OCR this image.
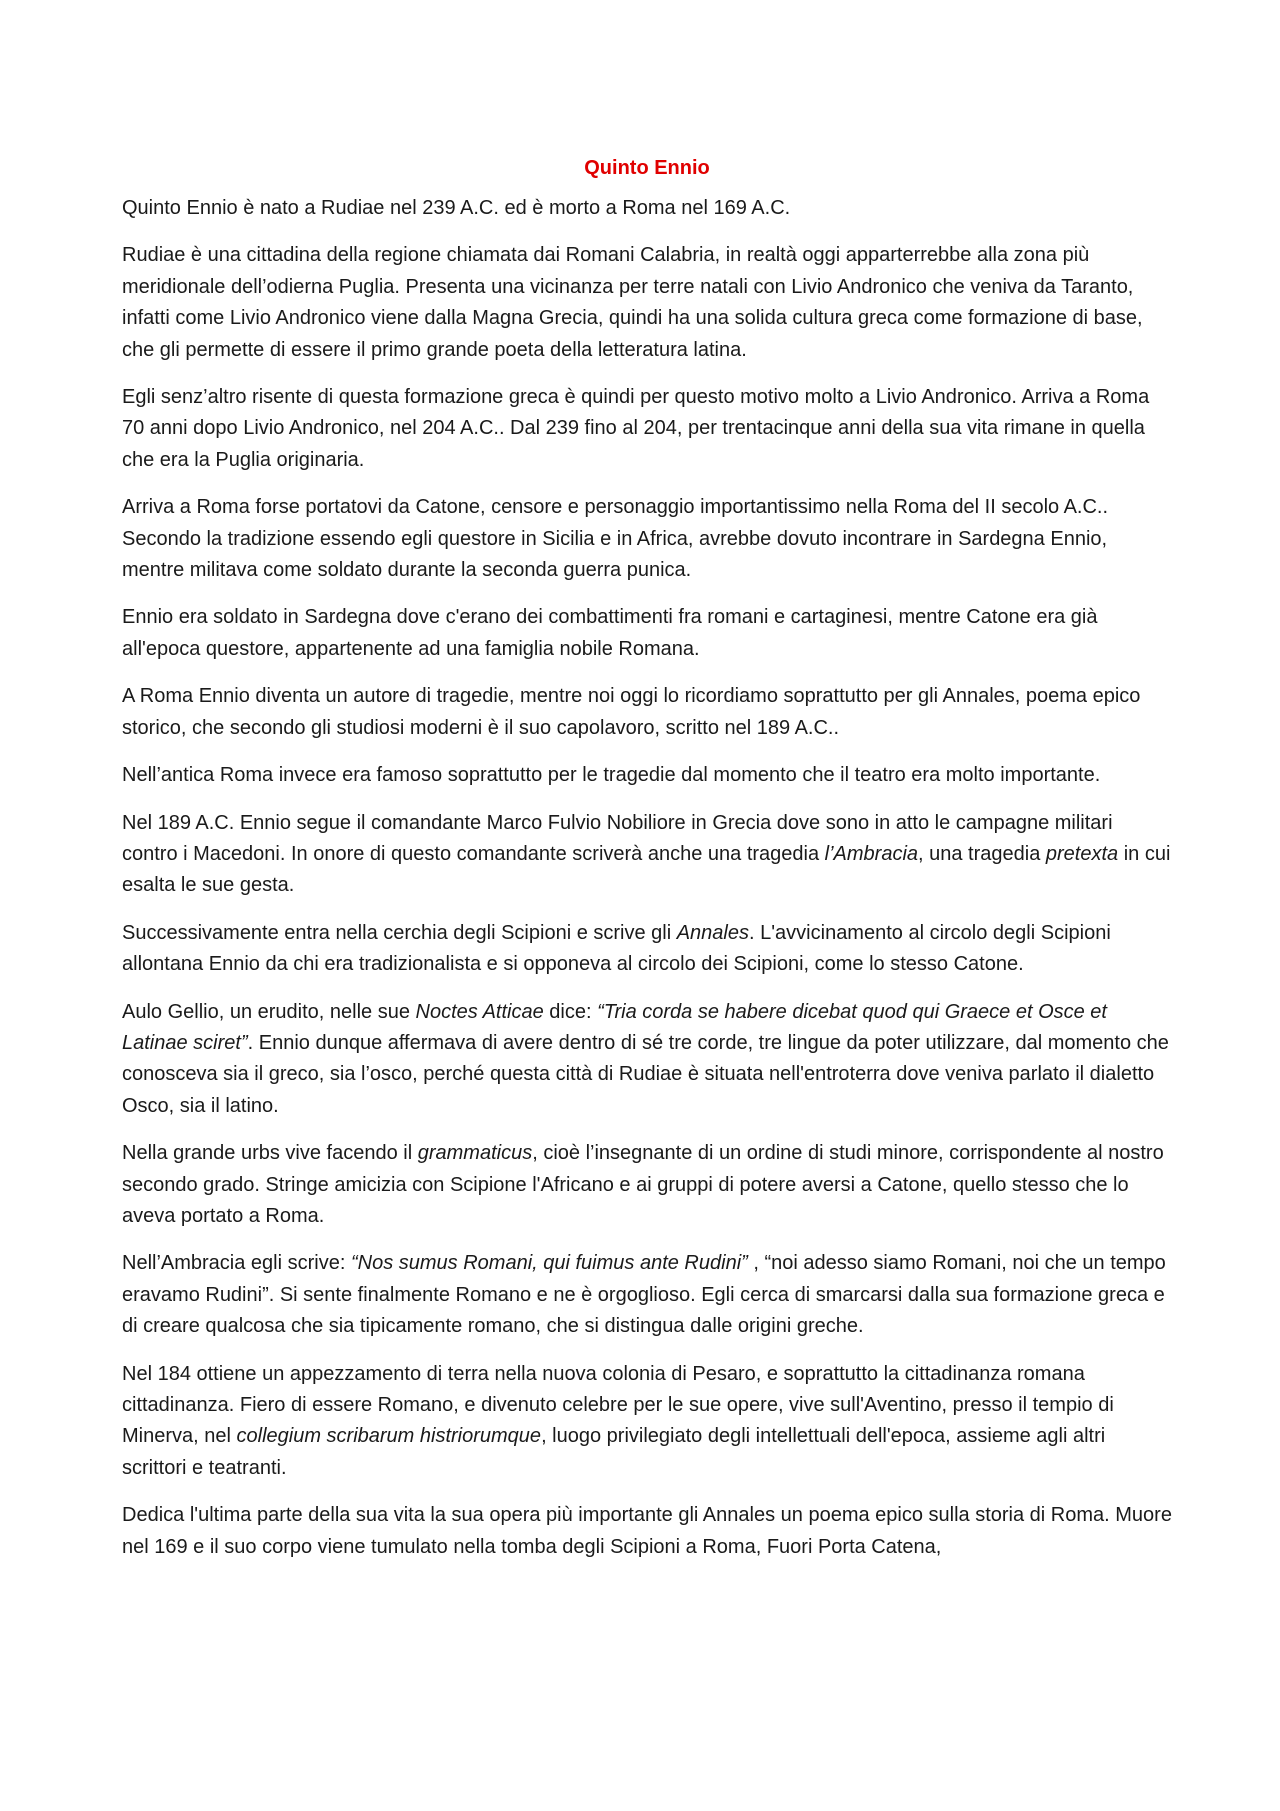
Quinto Ennio

Quinto Ennio è nato a Rudiae nel 239 A.C. ed è morto a Roma nel 169 A.C.

Rudiae è una cittadina della regione chiamata dai Romani Calabria, in realtà oggi apparterrebbe alla zona più meridionale dell’odierna Puglia. Presenta una vicinanza per terre natali con Livio Andronico che veniva da Taranto, infatti come Livio Andronico viene dalla Magna Grecia, quindi ha una solida cultura greca come formazione di base, che gli permette di essere il primo grande poeta della letteratura latina.

Egli senz’altro risente di questa formazione greca è quindi per questo motivo molto a Livio Andronico. Arriva a Roma 70 anni dopo Livio Andronico, nel 204 A.C.. Dal 239 fino al 204, per trentacinque anni della sua vita rimane in quella che era la Puglia originaria.

Arriva a Roma forse portatovi da Catone, censore e personaggio importantissimo nella Roma del II secolo A.C.. Secondo la tradizione essendo egli questore in Sicilia e in Africa, avrebbe dovuto incontrare in Sardegna Ennio, mentre militava come soldato durante la seconda guerra punica.

Ennio era soldato in Sardegna dove c'erano dei combattimenti fra romani e cartaginesi, mentre Catone era già all'epoca questore, appartenente ad una famiglia nobile Romana.

A Roma Ennio diventa un autore di tragedie, mentre noi oggi lo ricordiamo soprattutto per gli Annales, poema epico storico, che secondo gli studiosi moderni è il suo capolavoro, scritto nel 189 A.C..

Nell’antica Roma invece era famoso soprattutto per le tragedie dal momento che il teatro era molto importante.

Nel 189 A.C. Ennio segue il comandante Marco Fulvio Nobiliore in Grecia dove sono in atto le campagne militari contro i Macedoni. In onore di questo comandante scriverà anche una tragedia l’Ambracia, una tragedia pretexta in cui esalta le sue gesta.

Successivamente entra nella cerchia degli Scipioni e scrive gli Annales. L'avvicinamento al circolo degli Scipioni allontana Ennio da chi era tradizionalista e si opponeva al circolo dei Scipioni, come lo stesso Catone.

Aulo Gellio, un erudito, nelle sue Noctes Atticae dice: “Tria corda se habere dicebat quod qui Graece et Osce et Latinae sciret”. Ennio dunque affermava di avere dentro di sé tre corde, tre lingue da poter utilizzare, dal momento che conosceva sia il greco, sia l’osco, perché questa città di Rudiae è situata nell'entroterra dove veniva parlato il dialetto Osco, sia il latino.

Nella grande urbs vive facendo il grammaticus, cioè l’insegnante di un ordine di studi minore, corrispondente al nostro secondo grado. Stringe amicizia con Scipione l'Africano e ai gruppi di potere aversi a Catone, quello stesso che lo aveva portato a Roma.

Nell’Ambracia egli scrive: “Nos sumus Romani, qui fuimus ante Rudini” , “noi adesso siamo Romani, noi che un tempo eravamo Rudini”. Si sente finalmente Romano e ne è orgoglioso. Egli cerca di smarcarsi dalla sua formazione greca e di creare qualcosa che sia tipicamente romano, che si distingua dalle origini greche.

Nel 184 ottiene un appezzamento di terra nella nuova colonia di Pesaro, e soprattutto la cittadinanza romana cittadinanza. Fiero di essere Romano, e divenuto celebre per le sue opere, vive sull'Aventino, presso il tempio di Minerva, nel collegium scribarum histriorumque, luogo privilegiato degli intellettuali dell'epoca, assieme agli altri scrittori e teatranti.

Dedica l'ultima parte della sua vita la sua opera più importante gli Annales un poema epico sulla storia di Roma. Muore nel 169 e il suo corpo viene tumulato nella tomba degli Scipioni a Roma, Fuori Porta Catena,
